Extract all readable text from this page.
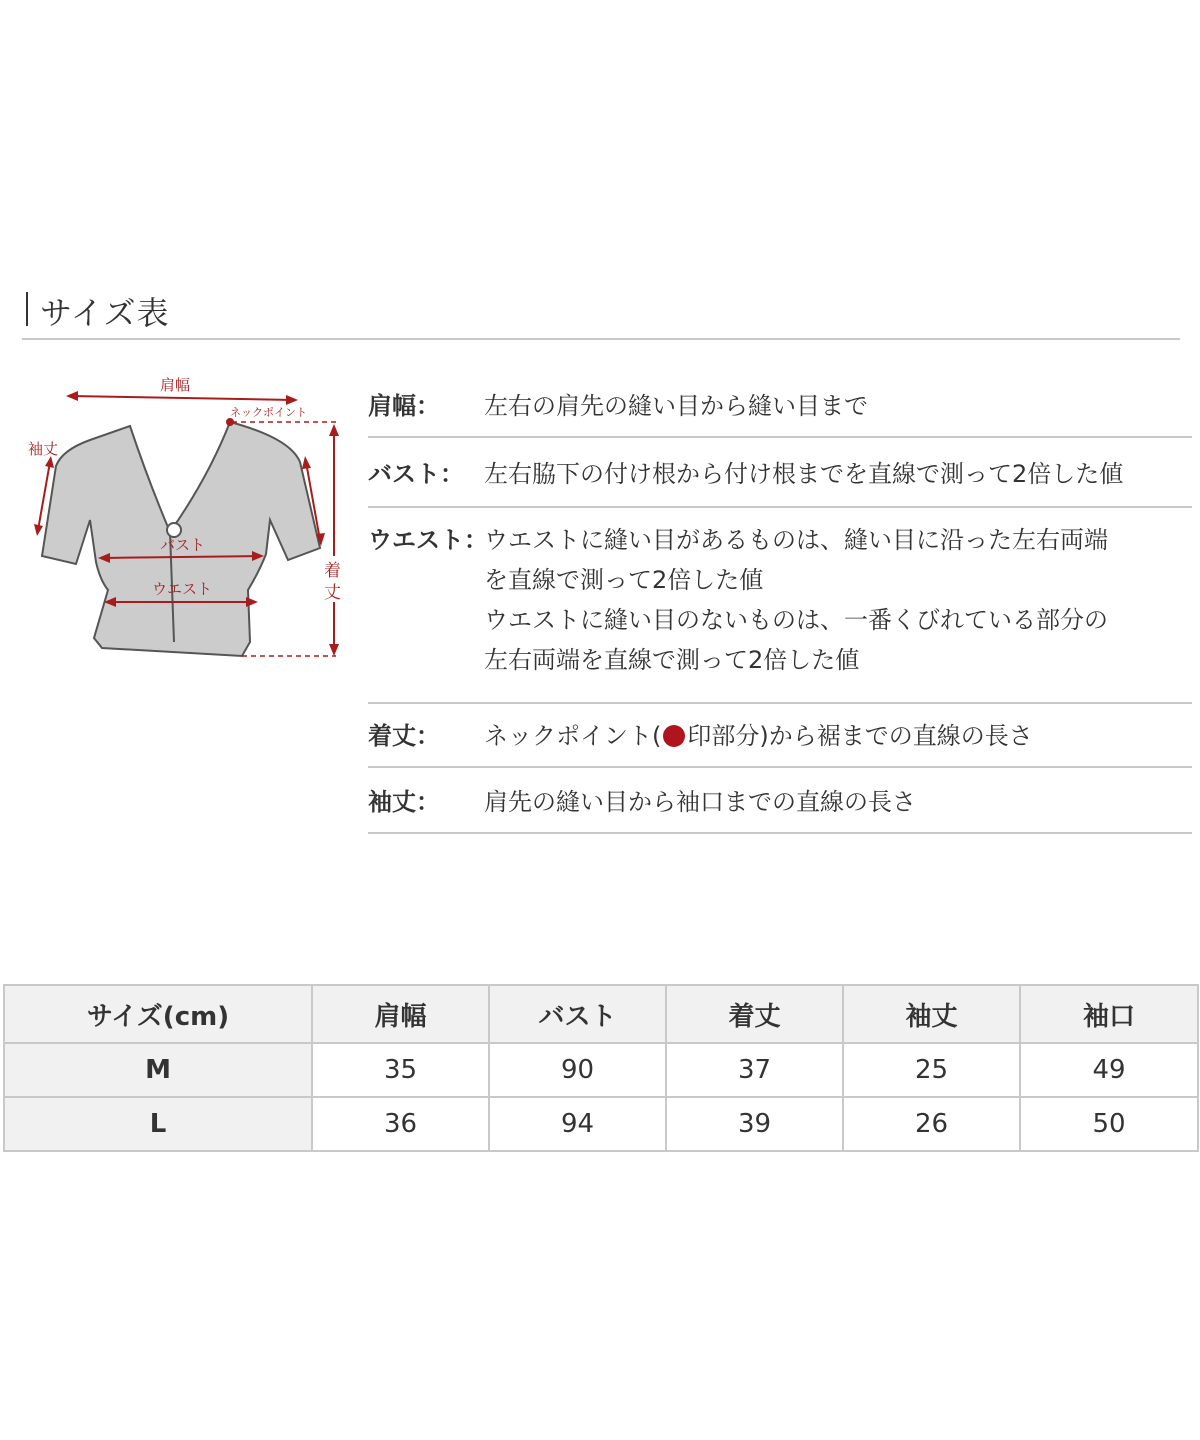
サイズ表
肩幅
ネックポイント
袖丈
バスト
ウエスト
着
丈
肩幅： 左右の肩先の縫い目から縫い目まで
バスト： 左右脇下の付け根から付け根までを直線で測って2倍した値
ウエスト：
ウエストに縫い目があるものは、縫い目に沿った左右両端
を直線で測って2倍した値
ウエストに縫い目のないものは、一番くびれている部分の
左右両端を直線で測って2倍した値
着丈： ネックポイント( 印部分)から裾までの直線の長さ
袖丈： 肩先の縫い目から袖口までの直線の長さ
サイズ(cm)	肩幅	バスト	着丈	袖丈	袖口
M	35	90	37	25	49
L	36	94	39	26	50
